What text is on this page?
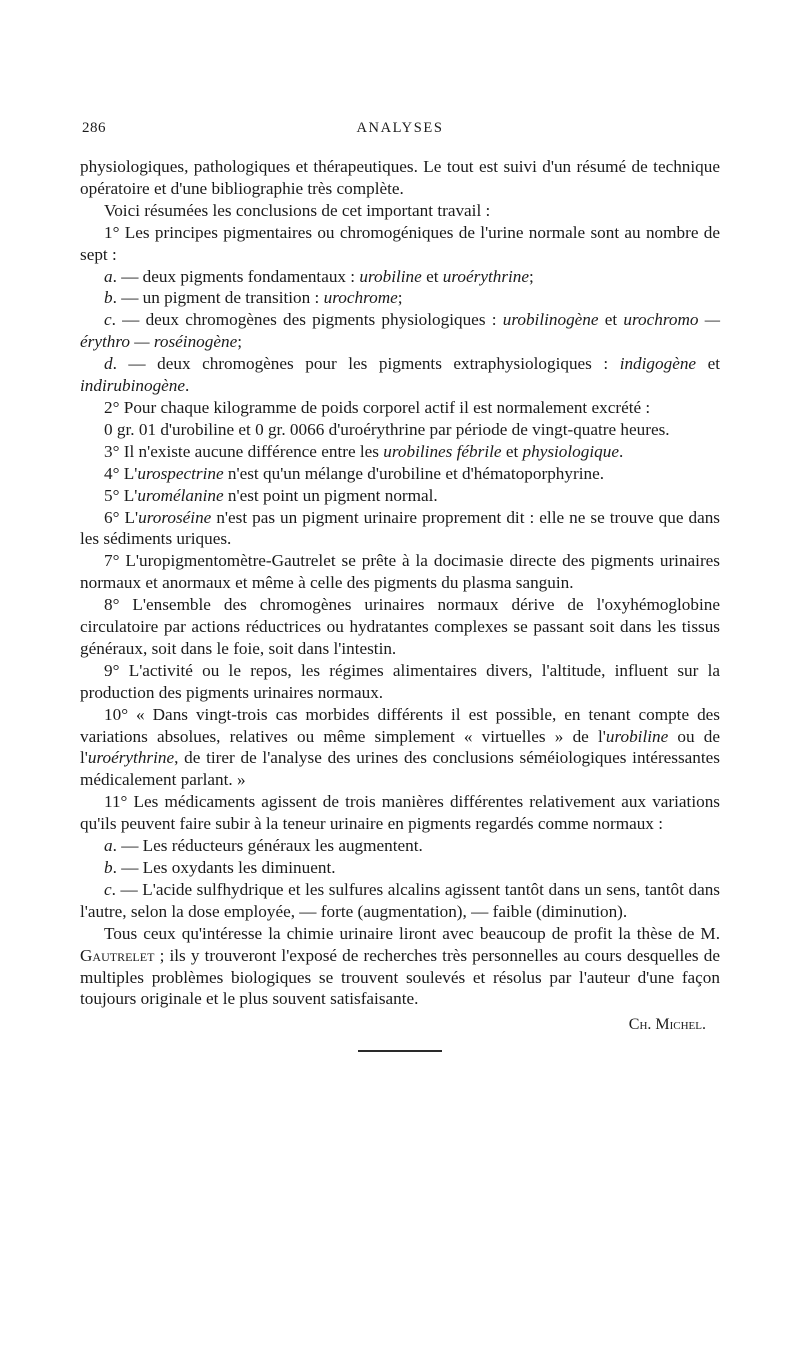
286	ANALYSES

physiologiques, pathologiques et thérapeutiques. Le tout est suivi d'un résumé de technique opératoire et d'une bibliographie très complète.

Voici résumées les conclusions de cet important travail :

1° Les principes pigmentaires ou chromogéniques de l'urine normale sont au nombre de sept :

a. — deux pigments fondamentaux : urobiline et uroérythrine;

b. — un pigment de transition : urochrome;

c. — deux chromogènes des pigments physiologiques : urobilinogène et urochromo — érythro — roséinogène;

d. — deux chromogènes pour les pigments extraphysiologiques : indigogène et indirubinogène.

2° Pour chaque kilogramme de poids corporel actif il est normalement excrété :

0 gr. 01 d'urobiline et 0 gr. 0066 d'uroérythrine par période de vingt-quatre heures.

3° Il n'existe aucune différence entre les urobilines fébrile et physiologique.

4° L'urospectrine n'est qu'un mélange d'urobiline et d'hématoporphyrine.

5° L'uromélanine n'est point un pigment normal.

6° L'uroroséine n'est pas un pigment urinaire proprement dit : elle ne se trouve que dans les sédiments uriques.

7° L'uropigmentomètre-Gautrelet se prête à la docimasie directe des pigments urinaires normaux et anormaux et même à celle des pigments du plasma sanguin.

8° L'ensemble des chromogènes urinaires normaux dérive de l'oxyhémoglobine circulatoire par actions réductrices ou hydratantes complexes se passant soit dans les tissus généraux, soit dans le foie, soit dans l'intestin.

9° L'activité ou le repos, les régimes alimentaires divers, l'altitude, influent sur la production des pigments urinaires normaux.

10° « Dans vingt-trois cas morbides différents il est possible, en tenant compte des variations absolues, relatives ou même simplement « virtuelles » de l'urobiline ou de l'uroérythrine, de tirer de l'analyse des urines des conclusions séméiologiques intéressantes médicalement parlant. »

11° Les médicaments agissent de trois manières différentes relativement aux variations qu'ils peuvent faire subir à la teneur urinaire en pigments regardés comme normaux :

a. — Les réducteurs généraux les augmentent.

b. — Les oxydants les diminuent.

c. — L'acide sulfhydrique et les sulfures alcalins agissent tantôt dans un sens, tantôt dans l'autre, selon la dose employée, — forte (augmentation), — faible (diminution).

Tous ceux qu'intéresse la chimie urinaire liront avec beaucoup de profit la thèse de M. Gautrelet ; ils y trouveront l'exposé de recherches très personnelles au cours desquelles de multiples problèmes biologiques se trouvent soulevés et résolus par l'auteur d'une façon toujours originale et le plus souvent satisfaisante.

Ch. Michel.
